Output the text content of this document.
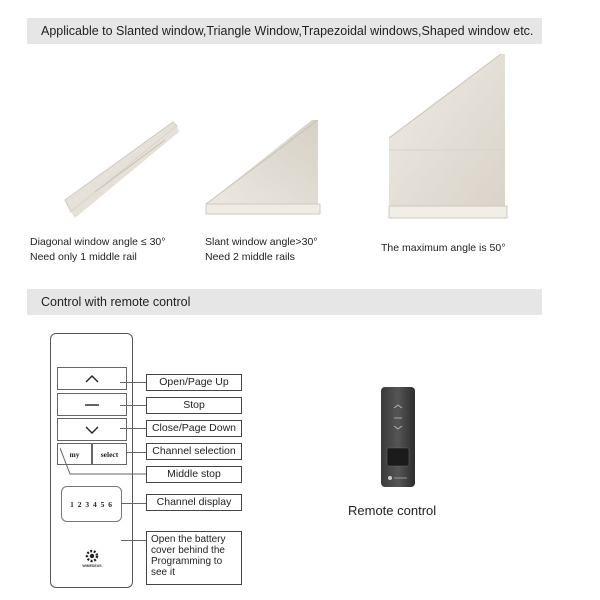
Applicable to Slanted window,Triangle Window,Trapezoidal windows,Shaped window etc.
Control with remote control
Diagonal window angle ≤ 30°
Need only 1 middle rail
Slant window angle>30°
Need 2 middle rails
The maximum angle is 50°
my	select
1 2 3 4 5 6
WIMEDEUS
Open/Page Up
Stop
Close/Page Down
Channel selection
Middle stop
Channel display
Open the battery
cover behind the
Programming to
see it
Remote control
